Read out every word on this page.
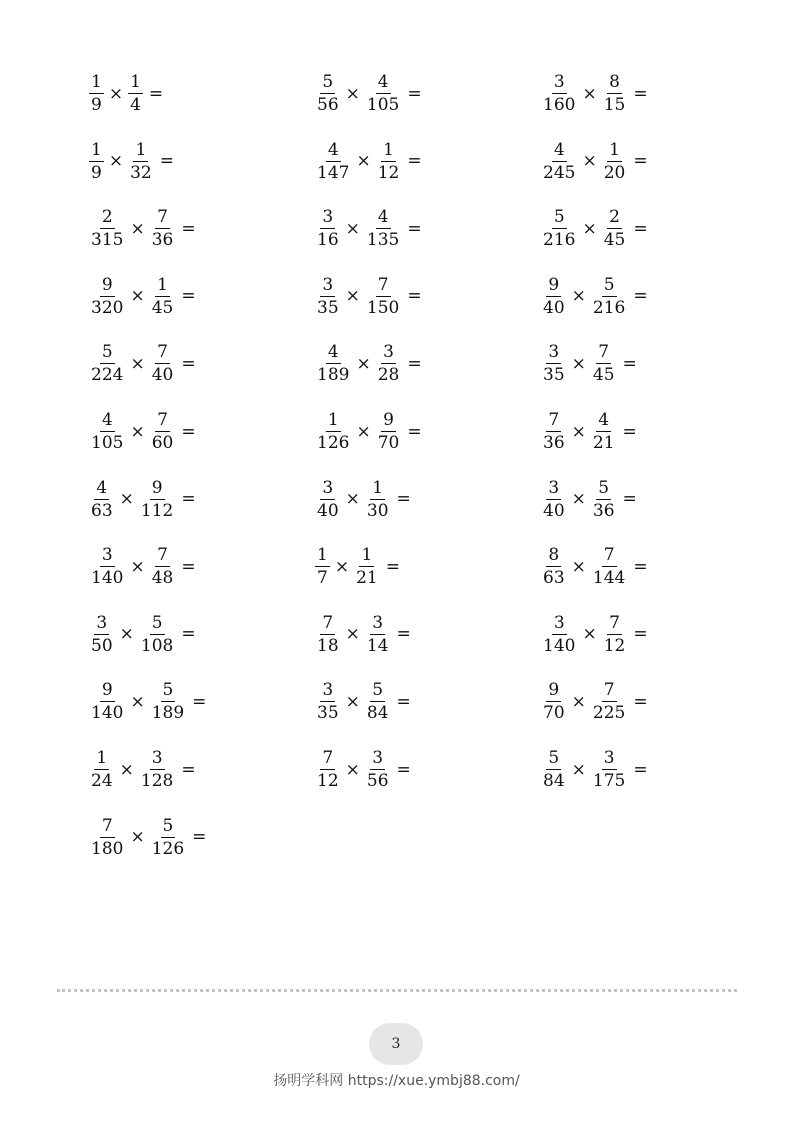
$\frac{1}{9} \times \frac{1}{4}$ =	$\frac{5}{56} \times \frac{4}{105}$ =	$\frac{3}{160} \times \frac{8}{15}$ =
$\frac{1}{9} \times \frac{1}{32}$ =	$\frac{4}{147} \times \frac{1}{12}$ =	$\frac{4}{245} \times \frac{1}{20}$ =
$\frac{2}{315} \times \frac{7}{36}$ =	$\frac{3}{16} \times \frac{4}{135}$ =	$\frac{5}{216} \times \frac{2}{45}$ =
$\frac{9}{320} \times \frac{1}{45}$ =	$\frac{3}{35} \times \frac{7}{150}$ =	$\frac{9}{40} \times \frac{5}{216}$ =
$\frac{5}{224} \times \frac{7}{40}$ =	$\frac{4}{189} \times \frac{3}{28}$ =	$\frac{3}{35} \times \frac{7}{45}$ =
$\frac{4}{105} \times \frac{7}{60}$ =	$\frac{1}{126} \times \frac{9}{70}$ =	$\frac{7}{36} \times \frac{4}{21}$ =
$\frac{4}{63} \times \frac{9}{112}$ =	$\frac{3}{40} \times \frac{1}{30}$ =	$\frac{3}{40} \times \frac{5}{36}$ =
$\frac{3}{140} \times \frac{7}{48}$ =	$\frac{1}{7} \times \frac{1}{21}$ =	$\frac{8}{63} \times \frac{7}{144}$ =
$\frac{3}{50} \times \frac{5}{108}$ =	$\frac{7}{18} \times \frac{3}{14}$ =	$\frac{3}{140} \times \frac{7}{12}$ =
$\frac{9}{140} \times \frac{5}{189}$ =	$\frac{3}{35} \times \frac{5}{84}$ =	$\frac{9}{70} \times \frac{7}{225}$ =
$\frac{1}{24} \times \frac{3}{128}$ =	$\frac{7}{12} \times \frac{3}{56}$ =	$\frac{5}{84} \times \frac{3}{175}$ =
$\frac{7}{180} \times \frac{5}{126}$ =
3
扬明学科网 https://xue.ymbj88.com/
